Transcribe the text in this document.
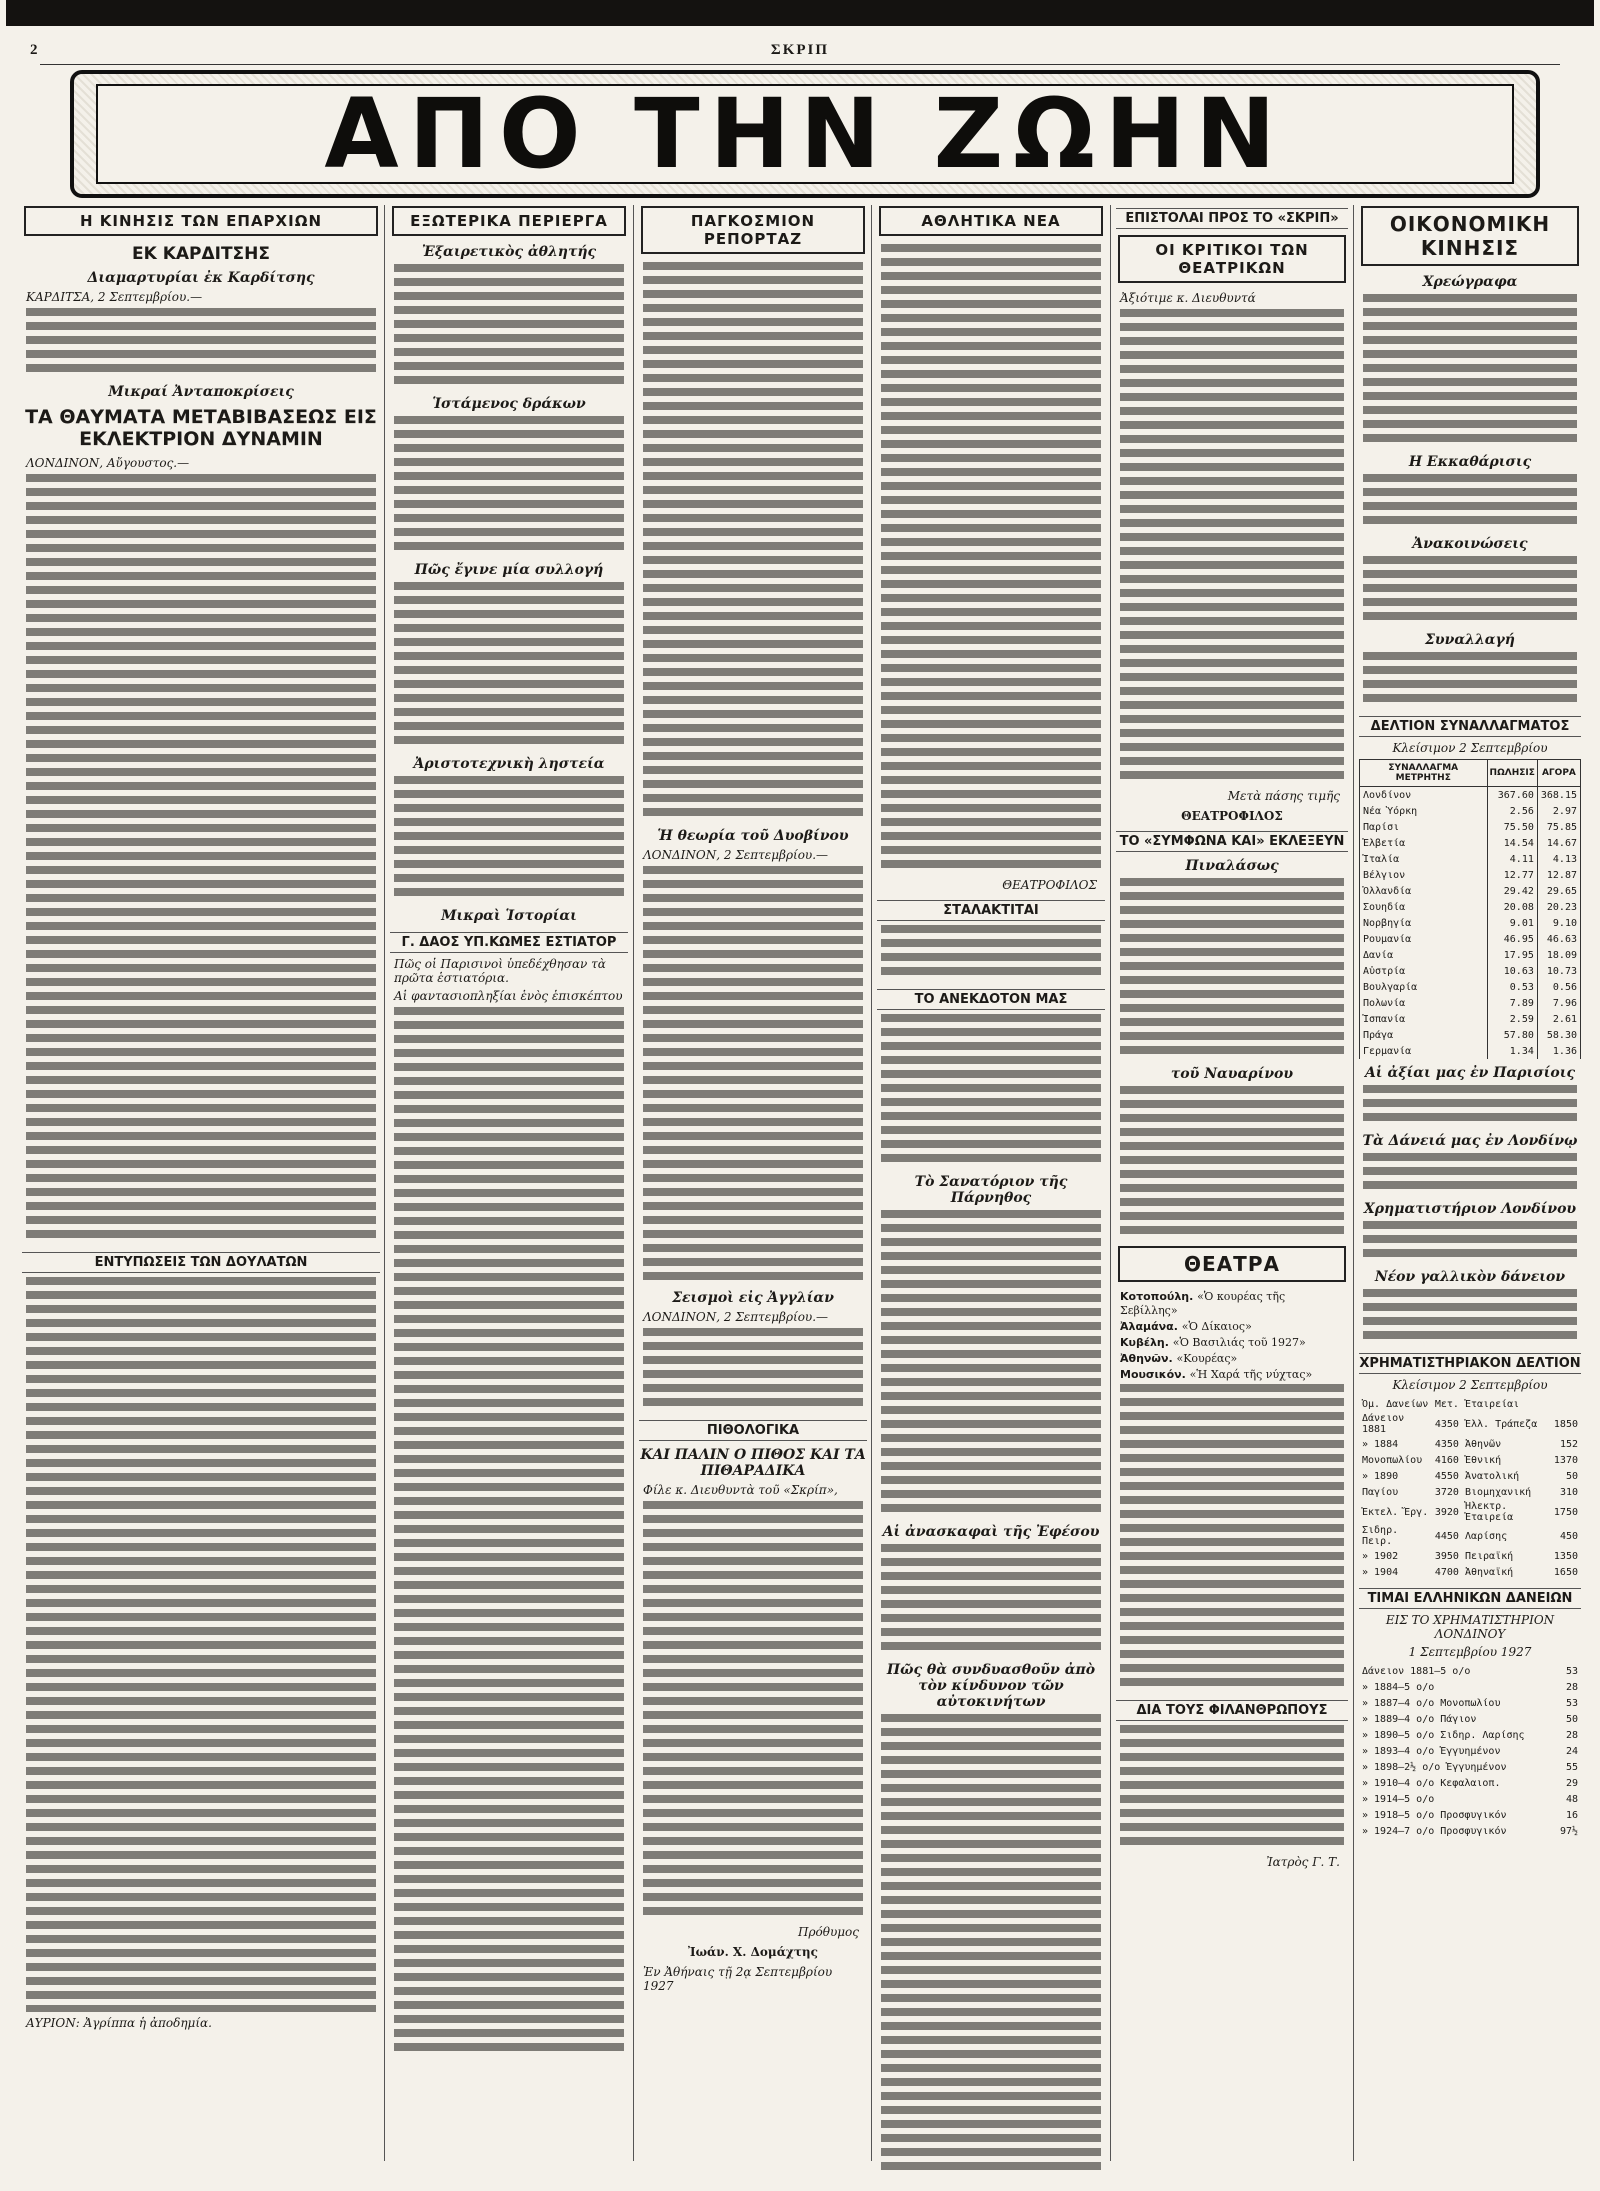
2	ΣΚΡΙΠ
ΑΠΟ ΤΗΝ ΖΩΗΝ
Η ΚΙΝΗΣΙΣ ΤΩΝ ΕΠΑΡΧΙΩΝ
ΕΚ ΚΑΡΔΙΤΣΗΣ
Διαμαρτυρίαι ἐκ Καρδίτσης
ΚΑΡΔΙΤΣΑ, 2 Σεπτεμβρίου.—
Μικραί Ἀνταποκρίσεις
ΤΑ ΘΑΥΜΑΤΑ ΜΕΤΑΒΙΒΑΣΕΩΣ ΕΙΣ ΕΚΛΕΚΤΡΙΟΝ ΔΥΝΑΜΙΝ
ΛΟΝΔΙΝΟΝ, Αὔγουστος.—
ΕΝΤΥΠΩΣΕΙΣ ΤΩΝ ΔΟΥΛΑΤΩΝ
ΑΥΡΙΟΝ: Ἀγρίππα ἡ ἀποδημία.
ΕΞΩΤΕΡΙΚΑ ΠΕΡΙΕΡΓΑ
Ἐξαιρετικὸς ἀθλητής
Ἱστάμενος δράκων
Πῶς ἔγινε μία συλλογή
Ἀριστοτεχνικὴ ληστεία
Μικραὶ Ἱστορίαι
Γ. ΔΑΟΣ ΥΠ.ΚΩΜΕΣ ΕΣΤΙΑΤΟΡ
Πῶς οἱ Παρισινοὶ ὑπεδέχθησαν τὰ πρῶτα ἑστιατόρια.
Αἱ φαντασιοπληξίαι ἑνὸς ἑπισκέπτου
ΠΑΓΚΟΣΜΙΟΝ ΡΕΠΟΡΤΑΖ
Ἡ θεωρία τοῦ Δυοβίνου
ΛΟΝΔΙΝΟΝ, 2 Σεπτεμβρίου.—
Σεισμοὶ εἰς Ἀγγλίαν
ΛΟΝΔΙΝΟΝ, 2 Σεπτεμβρίου.—
ΠΙΘΟΛΟΓΙΚΑ
ΚΑΙ ΠΑΛΙΝ Ο ΠΙΘΟΣ ΚΑΙ ΤΑ ΠΙΘΑΡΑΔΙΚΑ
Φίλε κ. Διευθυντὰ τοῦ «Σκρίπ»,
Πρόθυμος
Ἰωάν. Χ. Δομάχτης
Ἐν Ἀθήναις τῇ 2ᾳ Σεπτεμβρίου 1927
ΑΘΛΗΤΙΚΑ ΝΕΑ
ΘΕΑΤΡΟΦΙΛΟΣ
ΣΤΑΛΑΚΤΙΤΑΙ
ΤΟ ΑΝΕΚΔΟΤΟΝ ΜΑΣ
Τὸ Σανατόριον τῆς Πάρνηθος
Αἱ ἀνασκαφαὶ τῆς Ἐφέσου
Πῶς θὰ συνδυασθοῦν ἀπὸ τὸν κίνδυνον τῶν αὐτοκινήτων
ΕΠΙΣΤΟΛΑΙ ΠΡΟΣ ΤΟ «ΣΚΡΙΠ»
ΟΙ ΚΡΙΤΙΚΟΙ ΤΩΝ ΘΕΑΤΡΙΚΩΝ
Ἀξιότιμε κ. Διευθυντά
Μετὰ πάσης τιμῆς
ΘΕΑΤΡΟΦΙΛΟΣ
ΤΟ «ΣΥΜΦΩΝΑ ΚΑΙ» ΕΚΛΕΞΕΥΝ
Πιναλάσως
τοῦ Ναυαρίνου
ΘΕΑΤΡΑ
Κοτοπούλη. «Ὁ κουρέας τῆς Σεβίλλης»
Ἀλαμάνα. «Ὁ Δίκαιος»
Κυβέλη. «Ὁ Βασιλιάς τοῦ 1927»
Ἀθηνῶν. «Κουρέας»
Μουσικόν. «Ἡ Χαρά τῆς νύχτας»
ΔΙΑ ΤΟΥΣ ΦΙΛΑΝΘΡΩΠΟΥΣ
Ἰατρὸς Γ. Τ.
ΟΙΚΟΝΟΜΙΚΗ ΚΙΝΗΣΙΣ
Χρεώγραφα
Η Εκκαθάρισις
Ἀνακοινώσεις
Συναλλαγή
ΔΕΛΤΙΟΝ ΣΥΝΑΛΛΑΓΜΑΤΟΣ
Κλείσιμον 2 Σεπτεμβρίου
ΣΥΝΑΛΛΑΓΜΑ ΜΕΤΡΗΤΗΣ	ΠΩΛΗΣΙΣ	ΑΓΟΡΑ
Λονδίνον	367.60	368.15
Νέα Ὑόρκη	2.56	2.97
Παρίσι	75.50	75.85
Ἑλβετία	14.54	14.67
Ἰταλία	4.11	4.13
Βέλγιον	12.77	12.87
Ὁλλανδία	29.42	29.65
Σουηδία	20.08	20.23
Νορβηγία	9.01	9.10
Ρουμανία	46.95	46.63
Δανία	17.95	18.09
Αὐστρία	10.63	10.73
Βουλγαρία	0.53	0.56
Πολωνία	7.89	7.96
Ἰσπανία	2.59	2.61
Πράγα	57.80	58.30
Γερμανία	1.34	1.36
Αἱ ἀξίαι μας ἐν Παρισίοις
Τὰ Δάνειά μας ἐν Λονδίνῳ
Χρηματιστήριον Λονδίνου
Νέον γαλλικὸν δάνειον
ΧΡΗΜΑΤΙΣΤΗΡΙΑΚΟΝ ΔΕΛΤΙΟΝ
Κλείσιμον 2 Σεπτεμβρίου
Ὀμ. Δανείων	Μετ.	Ἐταιρείαι	
Δάνειον 1881	4350	Ἑλλ. Τράπεζα	1850
» 1884	4350	Ἀθηνῶν	152
Μονοπωλίου	4160	Ἐθνική	1370
» 1890	4550	Ἀνατολική	50
Παγίου	3720	Βιομηχανική	310
Ἐκτελ. Ἔργ.	3920	Ἡλεκτρ. Ἑταιρεία	1750
Σιδηρ. Πειρ.	4450	Λαρίσης	450
» 1902	3950	Πειραϊκή	1350
» 1904	4700	Ἀθηναϊκή	1650
ΤΙΜΑΙ ΕΛΛΗΝΙΚΩΝ ΔΑΝΕΙΩΝ
ΕΙΣ ΤΟ ΧΡΗΜΑΤΙΣΤΗΡΙΟΝ ΛΟΝΔΙΝΟΥ
1 Σεπτεμβρίου 1927
Δάνειον 1881—5 ο/ο	53
» 1884—5 ο/ο	28
» 1887—4 ο/ο Μονοπωλίου	53
» 1889—4 ο/ο Πάγιον	50
» 1890—5 ο/ο Σιδηρ. Λαρίσης	28
» 1893—4 ο/ο Ἐγγυημένον	24
» 1898—2½ ο/ο Ἐγγυημένον	55
» 1910—4 ο/ο Κεφαλαιοπ.	29
» 1914—5 ο/ο	48
» 1918—5 ο/ο Προσφυγικόν	16
» 1924—7 ο/ο Προσφυγικόν	97½
